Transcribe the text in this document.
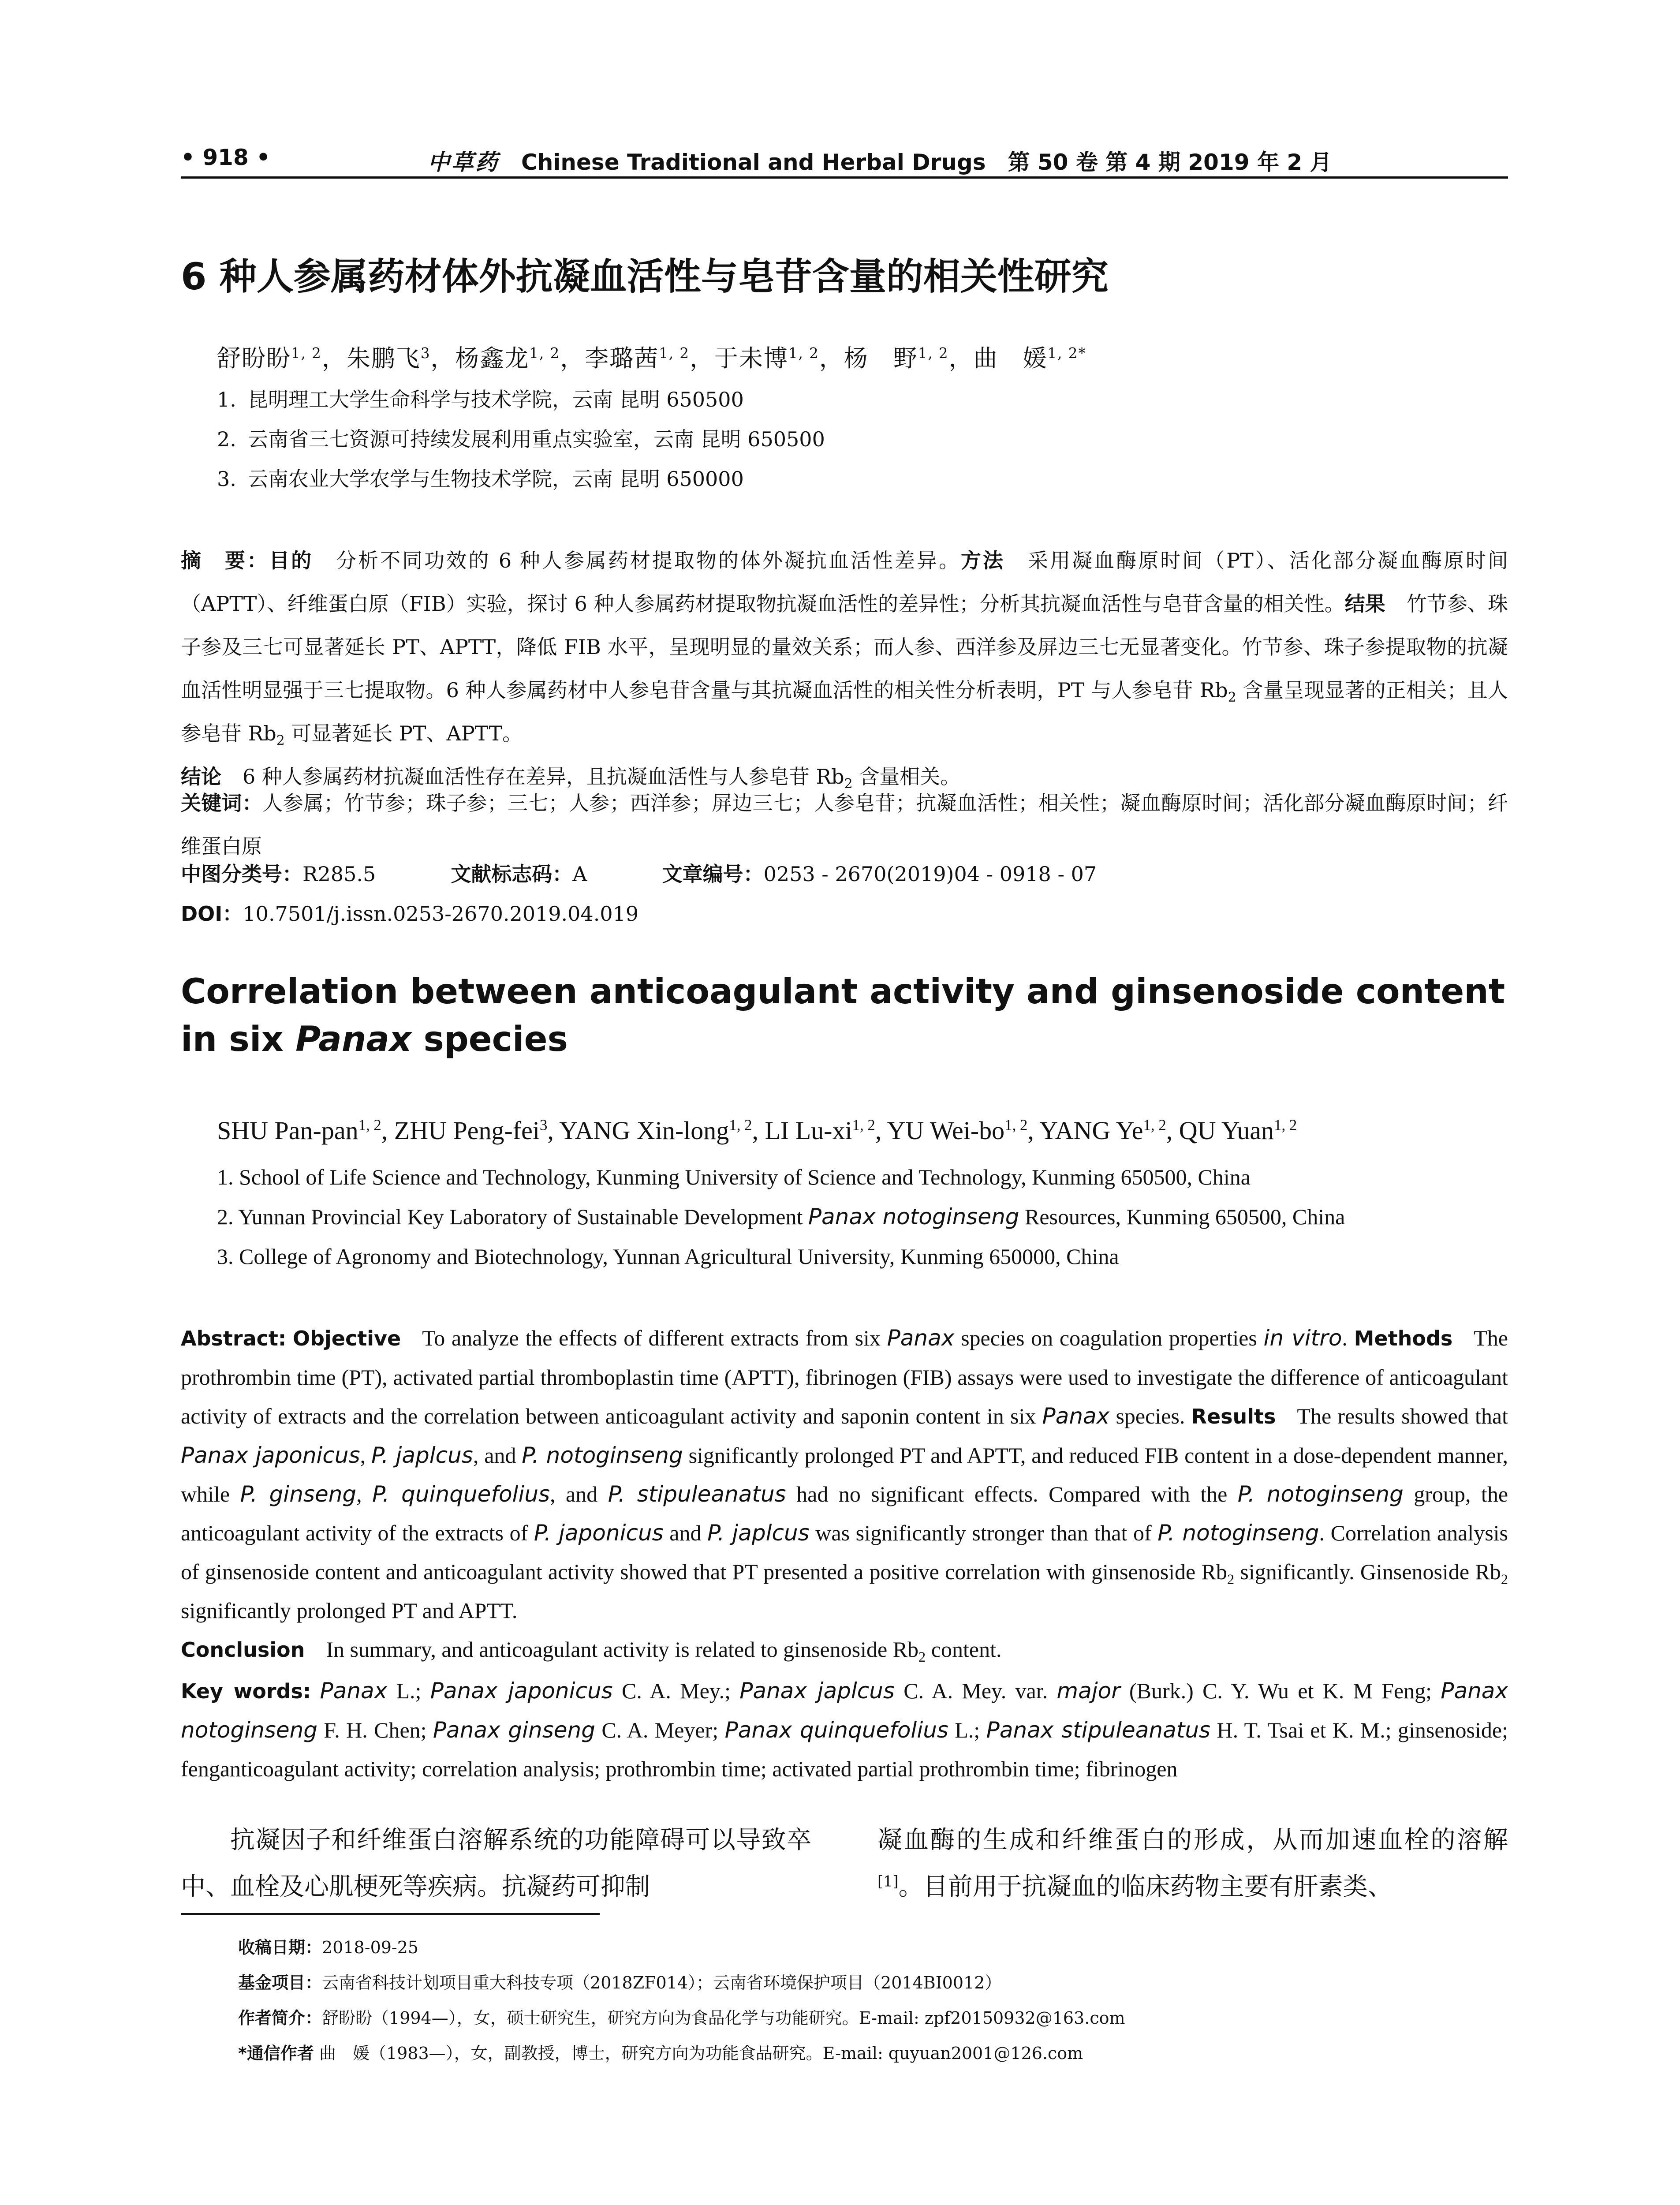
• 918 •	中草药 Chinese Traditional and Herbal Drugs　 第 50 卷 第 4 期 2019 年 2 月
6 种人参属药材体外抗凝血活性与皂苷含量的相关性研究
舒盼盼$^{1, 2}$，朱鹏飞$^3$，杨鑫龙$^{1, 2}$，李璐茜$^{1, 2}$，于未博$^{1, 2}$，杨　野$^{1, 2}$，曲　媛$^{1, 2*}$
1. 昆明理工大学生命科学与技术学院，云南 昆明 650500
2. 云南省三七资源可持续发展利用重点实验室，云南 昆明 650500
3. 云南农业大学农学与生物技术学院，云南 昆明 650000
摘　要：目的 分析不同功效的 6 种人参属药材提取物的体外凝抗血活性差异。方法 采用凝血酶原时间（PT）、活化部分凝血酶原时间（APTT）、纤维蛋白原（FIB）实验，探讨 6 种人参属药材提取物抗凝血活性的差异性；分析其抗凝血活性与皂苷含量的相关性。结果 竹节参、珠子参及三七可显著延长 PT、APTT，降低 FIB 水平，呈现明显的量效关系；而人参、西洋参及屏边三七无显著变化。竹节参、珠子参提取物的抗凝血活性明显强于三七提取物。6 种人参属药材中人参皂苷含量与其抗凝血活性的相关性分析表明，PT 与人参皂苷 $Rb_2$ 含量呈现显著的正相关；且人参皂苷 $Rb_2$ 可显著延长 PT、APTT。
结论 6 种人参属药材抗凝血活性存在差异，且抗凝血活性与人参皂苷 $Rb_2$ 含量相关。
关键词：人参属；竹节参；珠子参；三七；人参；西洋参；屏边三七；人参皂苷；抗凝血活性；相关性；凝血酶原时间；活化部分凝血酶原时间；纤维蛋白原
中图分类号：R285.5	文献标志码：A	文章编号：0253 - 2670(2019)04 - 0918 - 07
DOI：10.7501/j.issn.0253-2670.2019.04.019
Correlation between anticoagulant activity and ginsenoside content in six Panax species
SHU Pan-pan$^{1, 2}$, ZHU Peng-fei$^3$, YANG Xin-long$^{1, 2}$, LI Lu-xi$^{1, 2}$, YU Wei-bo$^{1, 2}$, YANG Ye$^{1, 2}$, QU Yuan$^{1, 2}$
1. School of Life Science and Technology, Kunming University of Science and Technology, Kunming 650500, China
2. Yunnan Provincial Key Laboratory of Sustainable Development Panax notoginseng Resources, Kunming 650500, China
3. College of Agronomy and Biotechnology, Yunnan Agricultural University, Kunming 650000, China
Abstract: Objective To analyze the effects of different extracts from six Panax species on coagulation properties in vitro. Methods The prothrombin time (PT), activated partial thromboplastin time (APTT), fibrinogen (FIB) assays were used to investigate the difference of anticoagulant activity of extracts and the correlation between anticoagulant activity and saponin content in six Panax species. Results The results showed that Panax japonicus, P. japlcus, and P. notoginseng significantly prolonged PT and APTT, and reduced FIB content in a dose-dependent manner, while P. ginseng, P. quinquefolius, and P. stipuleanatus had no significant effects. Compared with the P. notoginseng group, the anticoagulant activity of the extracts of P. japonicus and P. japlcus was significantly stronger than that of P. notoginseng. Correlation analysis of ginsenoside content and anticoagulant activity showed that PT presented a positive correlation with ginsenoside $Rb_2$ significantly. Ginsenoside $Rb_2$ significantly prolonged PT and APTT.
Conclusion In summary, and anticoagulant activity is related to ginsenoside $Rb_2$ content.
Key words: Panax L.; Panax japonicus C. A. Mey.; Panax japlcus C. A. Mey. var. major (Burk.) C. Y. Wu et K. M Feng; Panax notoginseng F. H. Chen; Panax ginseng C. A. Meyer; Panax quinquefolius L.; Panax stipuleanatus H. T. Tsai et K. M.; ginsenoside; fenganticoagulant activity; correlation analysis; prothrombin time; activated partial prothrombin time; fibrinogen
抗凝因子和纤维蛋白溶解系统的功能障碍可以导致卒中、血栓及心肌梗死等疾病。抗凝药可抑制
凝血酶的生成和纤维蛋白的形成，从而加速血栓的溶解[1]。目前用于抗凝血的临床药物主要有肝素类、
收稿日期：2018-09-25
基金项目：云南省科技计划项目重大科技专项（2018ZF014）；云南省环境保护项目（2014BI0012）
作者简介：舒盼盼（1994—），女，硕士研究生，研究方向为食品化学与功能研究。E-mail: zpf20150932@163.com
*通信作者 曲　媛（1983—），女，副教授，博士，研究方向为功能食品研究。E-mail: quyuan2001@126.com
